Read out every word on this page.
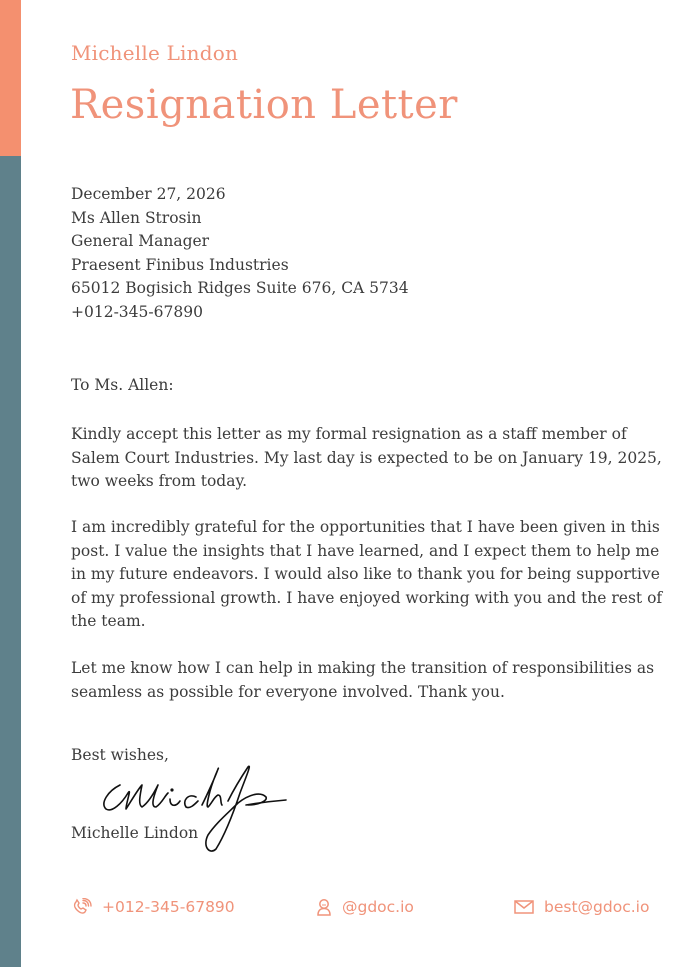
Michelle Lindon
Resignation Letter
December 27, 2026
Ms Allen Strosin
General Manager
Praesent Finibus Industries
65012 Bogisich Ridges Suite 676, CA 5734
+012-345-67890
To Ms. Allen:
Kindly accept this letter as my formal resignation as a staff member of
Salem Court Industries. My last day is expected to be on January 19, 2025,
two weeks from today.
I am incredibly grateful for the opportunities that I have been given in this
post. I value the insights that I have learned, and I expect them to help me
in my future endeavors. I would also like to thank you for being supportive
of my professional growth. I have enjoyed working with you and the rest of
the team.
Let me know how I can help in making the transition of responsibilities as
seamless as possible for everyone involved. Thank you.
Best wishes,
Michelle Lindon
+012-345-67890	@gdoc.io	best@gdoc.io
